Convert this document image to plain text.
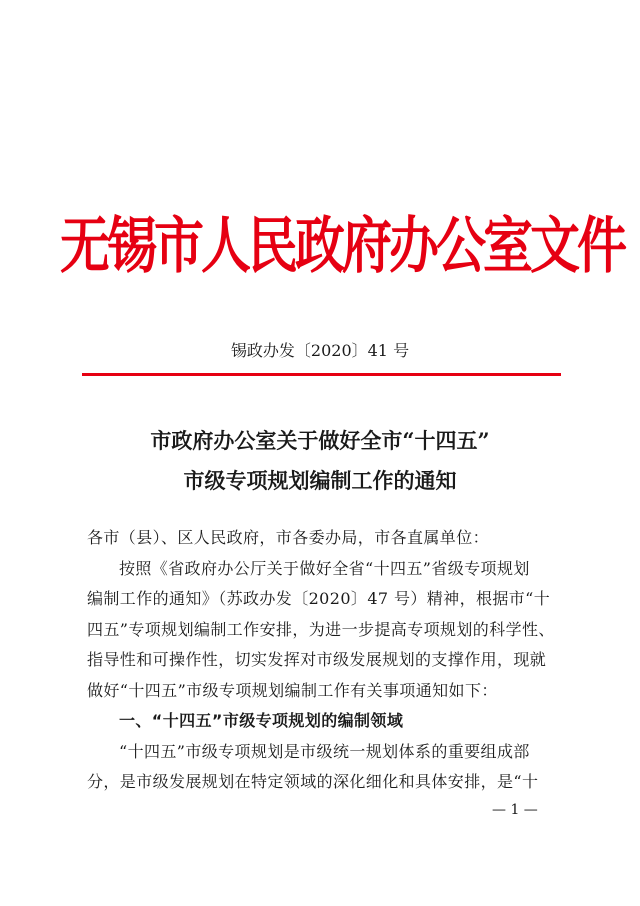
无锡市人民政府办公室文件
锡政办发〔2020〕41 号
市政府办公室关于做好全市“十四五”
市级专项规划编制工作的通知
各市（县）、区人民政府，市各委办局，市各直属单位：
按照《省政府办公厅关于做好全省“十四五”省级专项规划
编制工作的通知》（苏政办发〔2020〕47 号）精神，根据市“十
四五”专项规划编制工作安排，为进一步提高专项规划的科学性、
指导性和可操作性，切实发挥对市级发展规划的支撑作用，现就
做好“十四五”市级专项规划编制工作有关事项通知如下：
一、“十四五”市级专项规划的编制领域
“十四五”市级专项规划是市级统一规划体系的重要组成部
分，是市级发展规划在特定领域的深化细化和具体安排，是“十
— 1 —
